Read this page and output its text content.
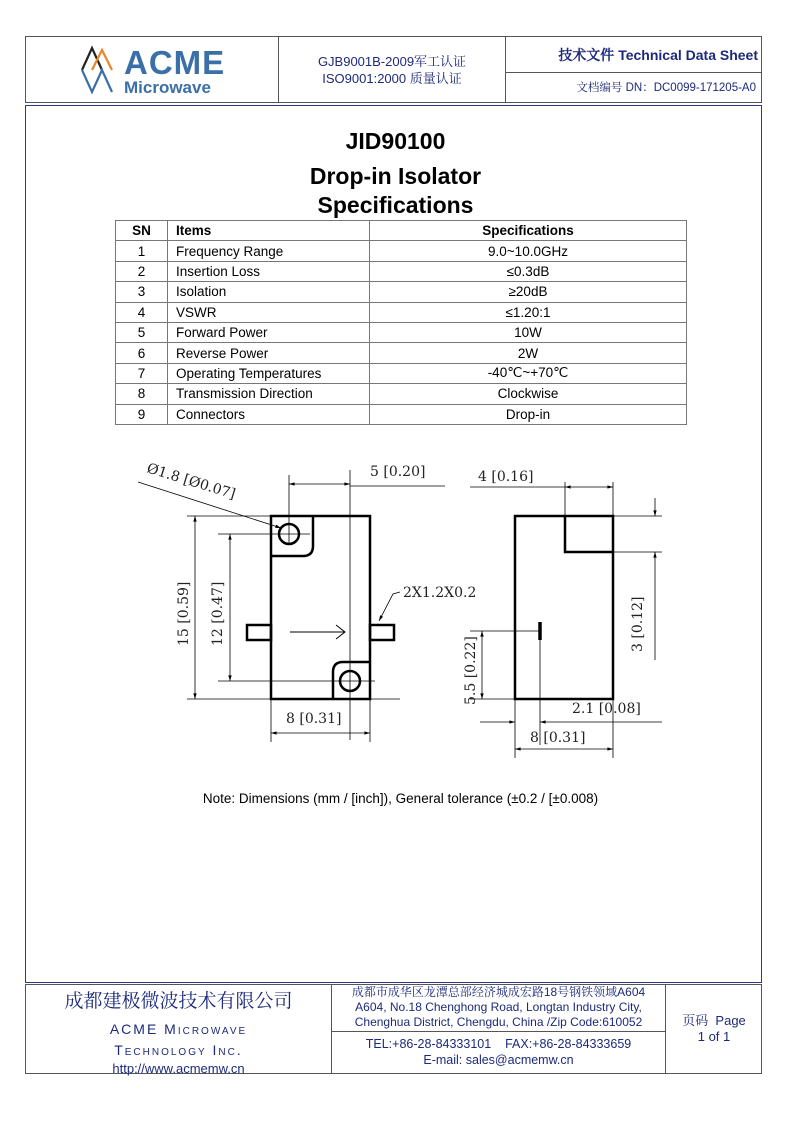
ACME
Microwave
GJB9001B-2009军工认证
ISO9001:2000 质量认证
技术文件 Technical Data Sheet
文档编号 DN：DC0099-171205-A0
JID90100
Drop-in Isolator
Specifications
SN	Items	Specifications
1	Frequency Range	9.0~10.0GHz
2	Insertion Loss	≤0.3dB
3	Isolation	≥20dB
4	VSWR	≤1.20:1
5	Forward Power	10W
6	Reverse Power	2W
7	Operating Temperatures	-40℃~+70℃
8	Transmission Direction	Clockwise
9	Connectors	Drop-in
Ø1.8 [Ø0.07]	5 [0.20]
15 [0.59] 12 [0.47]
8 [0.31]
2X1.2X0.2
4 [0.16]
3 [0.12]
5.5 [0.22]
2.1 [0.08]
8 [0.31]
Note: Dimensions (mm / [inch]), General tolerance (±0.2 / [±0.008)
成都建极微波技术有限公司
ACME Microwave
Technology Inc.
http://www.acmemw.cn
成都市成华区龙潭总部经济城成宏路18号钢铁领域A604
A604, No.18 Chenghong Road, Longtan Industry City,
Chenghua District, Chengdu, China /Zip Code:610052
TEL:+86-28-84333101    FAX:+86-28-84333659
E-mail: sales@acmemw.cn
页码  Page
1 of 1
